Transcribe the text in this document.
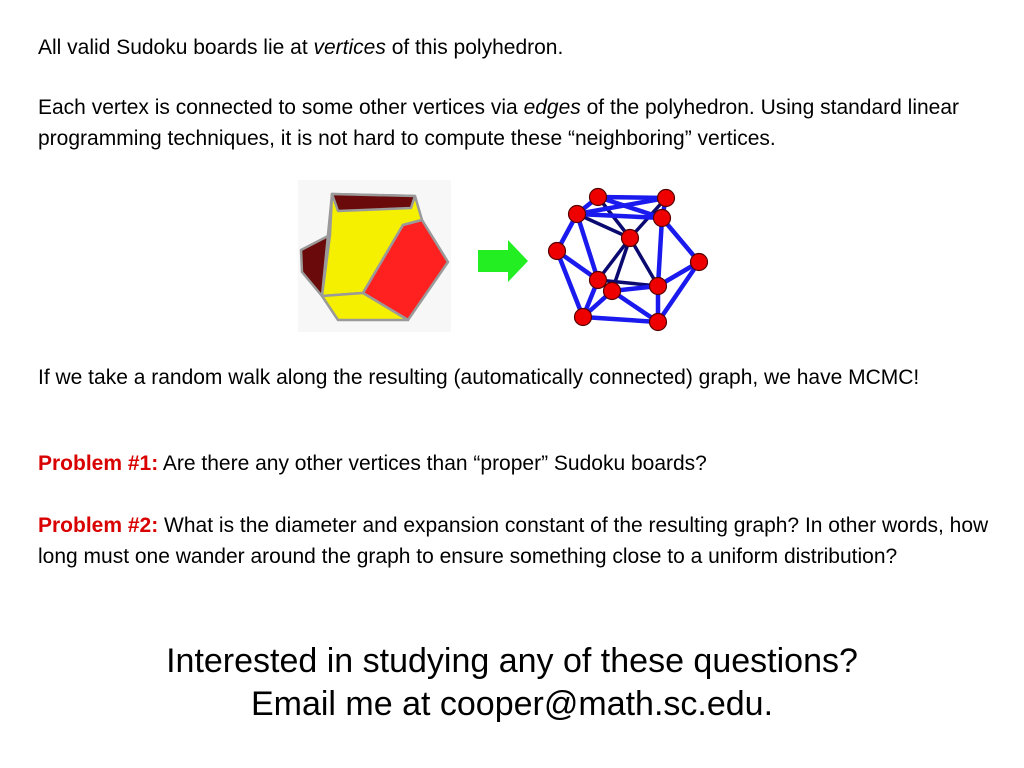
All valid Sudoku boards lie at vertices of this polyhedron.

Each vertex is connected to some other vertices via edges of the polyhedron. Using standard linear programming techniques, it is not hard to compute these “neighboring” vertices.

If we take a random walk along the resulting (automatically connected) graph, we have MCMC!

Problem #1: Are there any other vertices than “proper” Sudoku boards?

Problem #2: What is the diameter and expansion constant of the resulting graph? In other words, how long must one wander around the graph to ensure something close to a uniform distribution?

Interested in studying any of these questions?
Email me at cooper@math.sc.edu.
